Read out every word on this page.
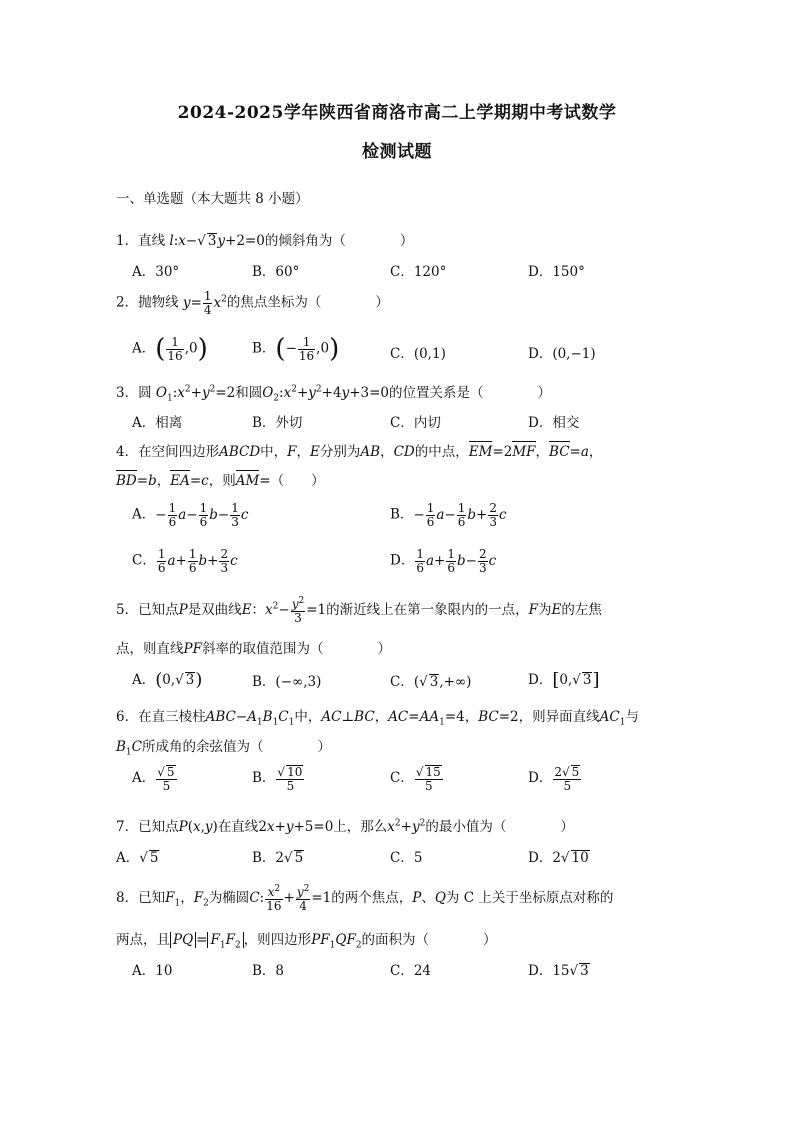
2024-2025学年陕西省商洛市高二上学期期中考试数学
检测试题
一、单选题（本大题共 8 小题）
1．直线 l:x−√ 3y+2=0的倾斜角为（　　　　）
A．30°	B．60°	C．120°	D．150°
2．抛物线 $y= \frac{1}{4} x^2$的焦点坐标为（　　　　）
A．( $\frac{1}{16} ,0$)	B．(− $\frac{1}{16} ,0$)	C．(0,1)	D．(0,−1)
3．圆 $O_1:x^2+y^2=2$和圆$O_2:x^2+y^2+4y+3=0$的位置关系是（　　　　）
A．相离	B．外切	C．内切	D．相交
4．在空间四边形ABCD中，F，E分别为AB，CD的中点，EM=2MF，BC=a，
BD=b，EA=c，则AM=（　　）
A．− $\frac{1}{6} a- \frac{1}{6} b- \frac{1}{3}$ c	B．− $\frac{1}{6} a- \frac{1}{6} b+ \frac{2}{3}$ c
C． $\frac{1}{6} a+ \frac{1}{6} b+ \frac{2}{3}$ c	D． $\frac{1}{6} a+ \frac{1}{6} b- \frac{2}{3}$ c
5．已知点P是双曲线E：$x^2- \frac{y^2}{3} =1$的渐近线上在第一象限内的一点，F为E的左焦
点，则直线PF斜率的取值范围为（　　　　）
A．(0,√ 3)	B．(−∞,3)	C．(√ 3,+∞)	D．[0,√ 3]
6．在直三棱柱$ABC-A_1B_1C_1$中，AC⊥BC，$AC=AA_1=4$，BC=2，则异面直线$AC_1$与
$B_1C$所成角的余弦值为（　　　　）
A． $\frac{√ 5}{5}$	B． $\frac{√ 10}{5}$	C． $\frac{√ 15}{5}$	D． $\frac{2√ 5}{5}$
7．已知点P(x,y)在直线2x+y+5=0上，那么$x^2+y^2$的最小值为（　　　　）
A．√ 5	B．2√ 5	C．5	D．2√ 10
8．已知$F_1$，$F_2$为椭圆C: $\frac{x^2}{16} + \frac{y^2}{4} =1$的两个焦点，P、Q为 C 上关于坐标原点对称的
两点，且 PQ = $F_1F_2$ ，则四边形$PF_1QF_2$的面积为（　　　　）
A．10	B．8	C．24	D．15√ 3
